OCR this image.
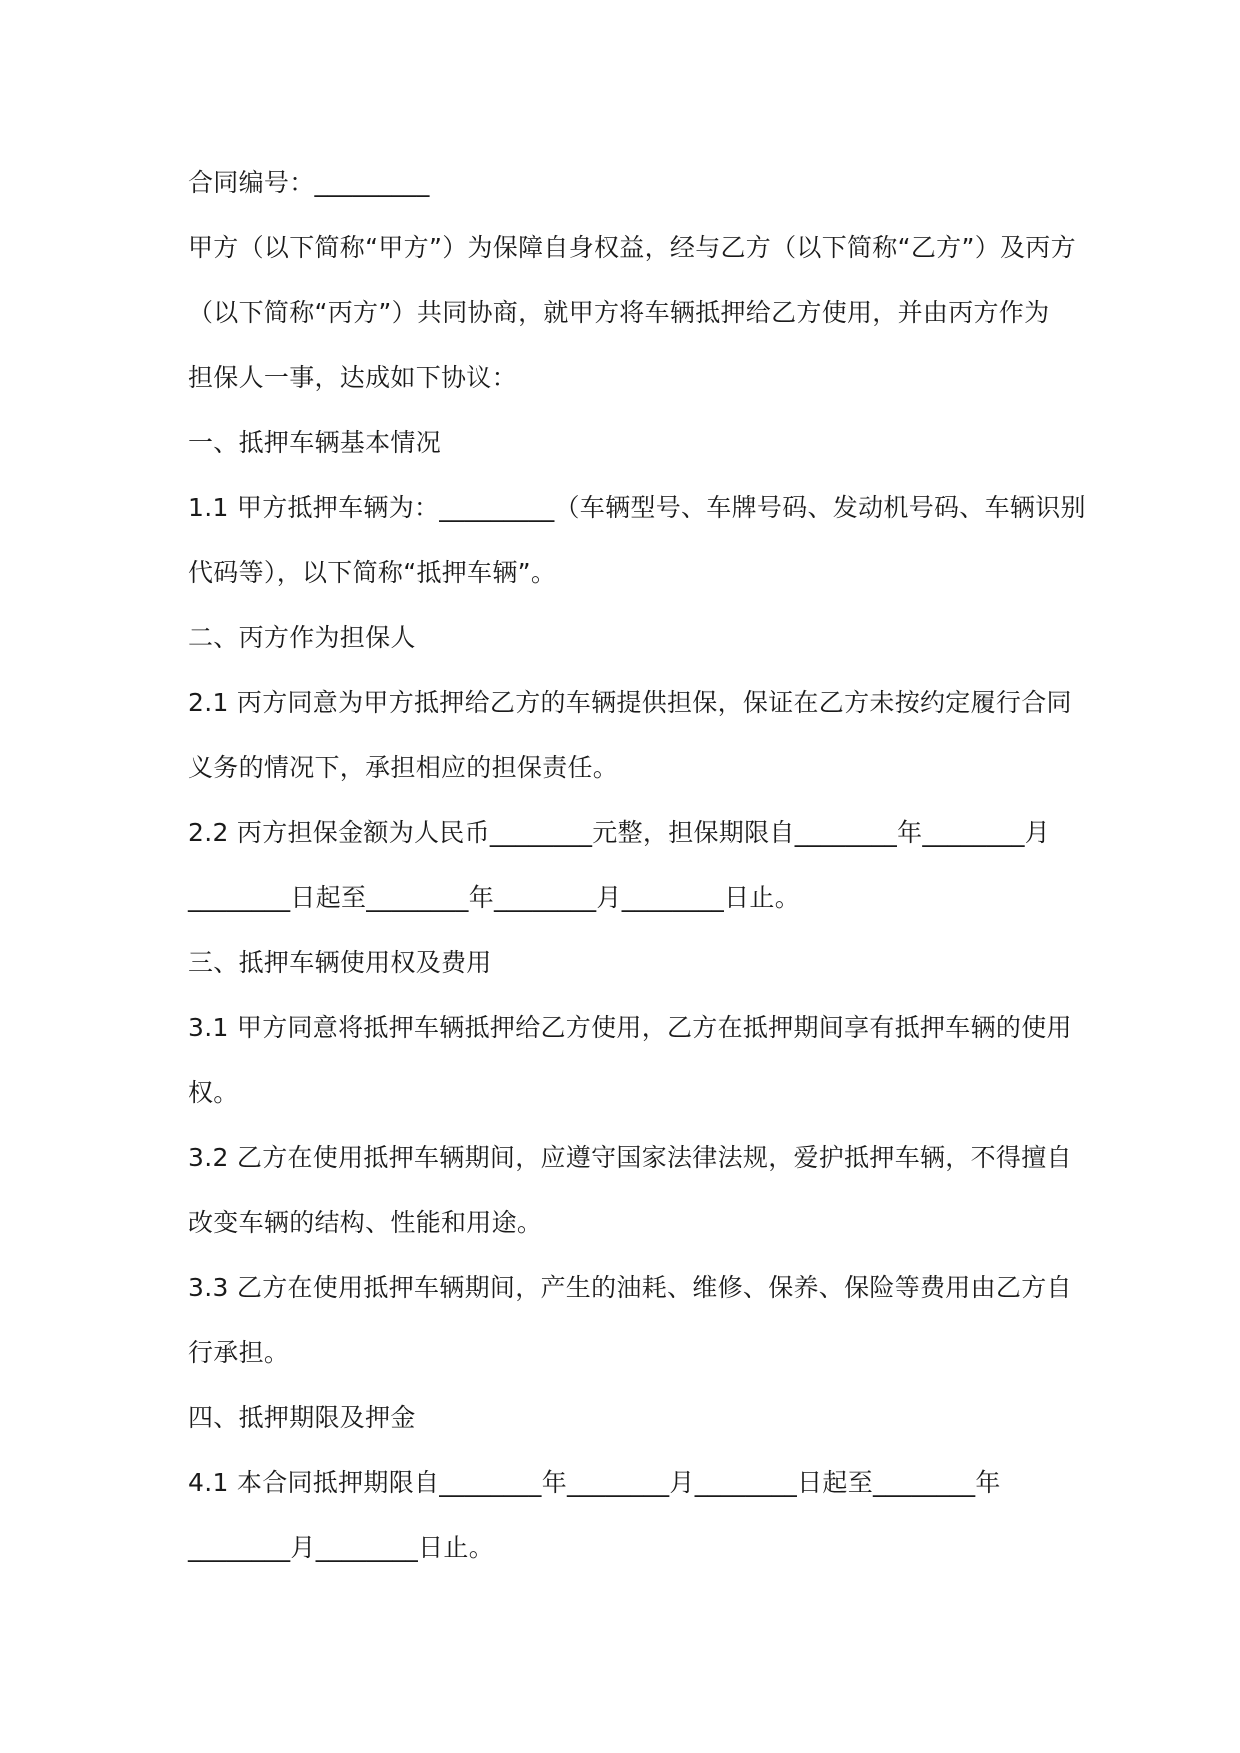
合同编号：_________
甲方（以下简称“甲方”）为保障自身权益，经与乙方（以下简称“乙方”）及丙方
（以下简称“丙方”）共同协商，就甲方将车辆抵押给乙方使用，并由丙方作为
担保人一事，达成如下协议：
一、抵押车辆基本情况
1.1 甲方抵押车辆为：_________（车辆型号、车牌号码、发动机号码、车辆识别
代码等），以下简称“抵押车辆”。
二、丙方作为担保人
2.1 丙方同意为甲方抵押给乙方的车辆提供担保，保证在乙方未按约定履行合同
义务的情况下，承担相应的担保责任。
2.2 丙方担保金额为人民币________元整，担保期限自________年________月
________日起至________年________月________日止。
三、抵押车辆使用权及费用
3.1 甲方同意将抵押车辆抵押给乙方使用，乙方在抵押期间享有抵押车辆的使用
权。
3.2 乙方在使用抵押车辆期间，应遵守国家法律法规，爱护抵押车辆，不得擅自
改变车辆的结构、性能和用途。
3.3 乙方在使用抵押车辆期间，产生的油耗、维修、保养、保险等费用由乙方自
行承担。
四、抵押期限及押金
4.1 本合同抵押期限自________年________月________日起至________年
________月________日止。
